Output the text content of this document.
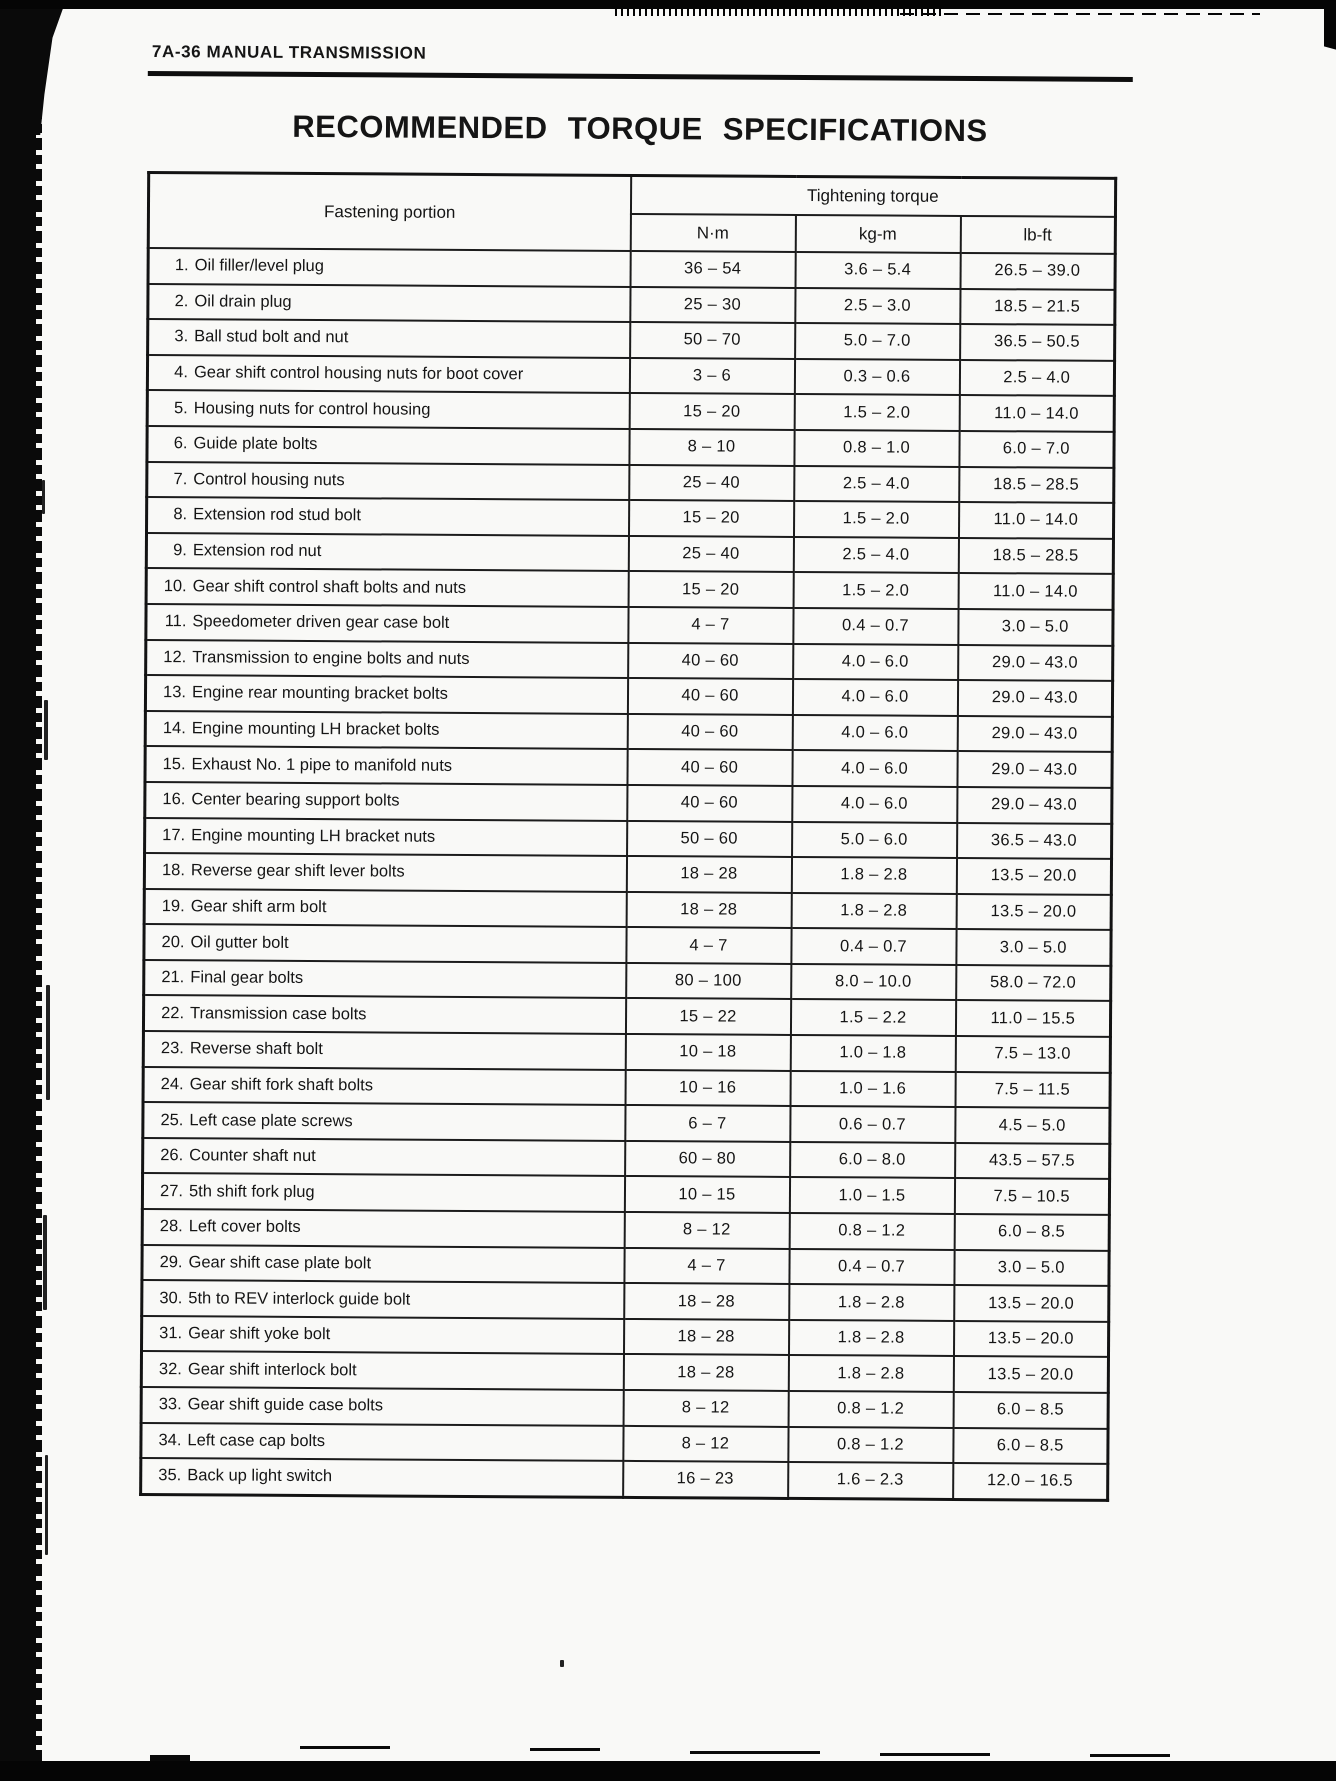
7A-36 MANUAL TRANSMISSION
RECOMMENDED TORQUE SPECIFICATIONS
Fastening portion	Tightening torque		
	N·m	kg-m	lb-ft
1. Oil filler/level plug	36 – 54	3.6 – 5.4	26.5 – 39.0
2. Oil drain plug	25 – 30	2.5 – 3.0	18.5 – 21.5
3. Ball stud bolt and nut	50 – 70	5.0 – 7.0	36.5 – 50.5
4. Gear shift control housing nuts for boot cover	3 – 6	0.3 – 0.6	2.5 – 4.0
5. Housing nuts for control housing	15 – 20	1.5 – 2.0	11.0 – 14.0
6. Guide plate bolts	8 – 10	0.8 – 1.0	6.0 – 7.0
7. Control housing nuts	25 – 40	2.5 – 4.0	18.5 – 28.5
8. Extension rod stud bolt	15 – 20	1.5 – 2.0	11.0 – 14.0
9. Extension rod nut	25 – 40	2.5 – 4.0	18.5 – 28.5
10. Gear shift control shaft bolts and nuts	15 – 20	1.5 – 2.0	11.0 – 14.0
11. Speedometer driven gear case bolt	4 – 7	0.4 – 0.7	3.0 – 5.0
12. Transmission to engine bolts and nuts	40 – 60	4.0 – 6.0	29.0 – 43.0
13. Engine rear mounting bracket bolts	40 – 60	4.0 – 6.0	29.0 – 43.0
14. Engine mounting LH bracket bolts	40 – 60	4.0 – 6.0	29.0 – 43.0
15. Exhaust No. 1 pipe to manifold nuts	40 – 60	4.0 – 6.0	29.0 – 43.0
16. Center bearing support bolts	40 – 60	4.0 – 6.0	29.0 – 43.0
17. Engine mounting LH bracket nuts	50 – 60	5.0 – 6.0	36.5 – 43.0
18. Reverse gear shift lever bolts	18 – 28	1.8 – 2.8	13.5 – 20.0
19. Gear shift arm bolt	18 – 28	1.8 – 2.8	13.5 – 20.0
20. Oil gutter bolt	4 – 7	0.4 – 0.7	3.0 – 5.0
21. Final gear bolts	80 – 100	8.0 – 10.0	58.0 – 72.0
22. Transmission case bolts	15 – 22	1.5 – 2.2	11.0 – 15.5
23. Reverse shaft bolt	10 – 18	1.0 – 1.8	7.5 – 13.0
24. Gear shift fork shaft bolts	10 – 16	1.0 – 1.6	7.5 – 11.5
25. Left case plate screws	6 – 7	0.6 – 0.7	4.5 – 5.0
26. Counter shaft nut	60 – 80	6.0 – 8.0	43.5 – 57.5
27. 5th shift fork plug	10 – 15	1.0 – 1.5	7.5 – 10.5
28. Left cover bolts	8 – 12	0.8 – 1.2	6.0 – 8.5
29. Gear shift case plate bolt	4 – 7	0.4 – 0.7	3.0 – 5.0
30. 5th to REV interlock guide bolt	18 – 28	1.8 – 2.8	13.5 – 20.0
31. Gear shift yoke bolt	18 – 28	1.8 – 2.8	13.5 – 20.0
32. Gear shift interlock bolt	18 – 28	1.8 – 2.8	13.5 – 20.0
33. Gear shift guide case bolts	8 – 12	0.8 – 1.2	6.0 – 8.5
34. Left case cap bolts	8 – 12	0.8 – 1.2	6.0 – 8.5
35. Back up light switch	16 – 23	1.6 – 2.3	12.0 – 16.5
